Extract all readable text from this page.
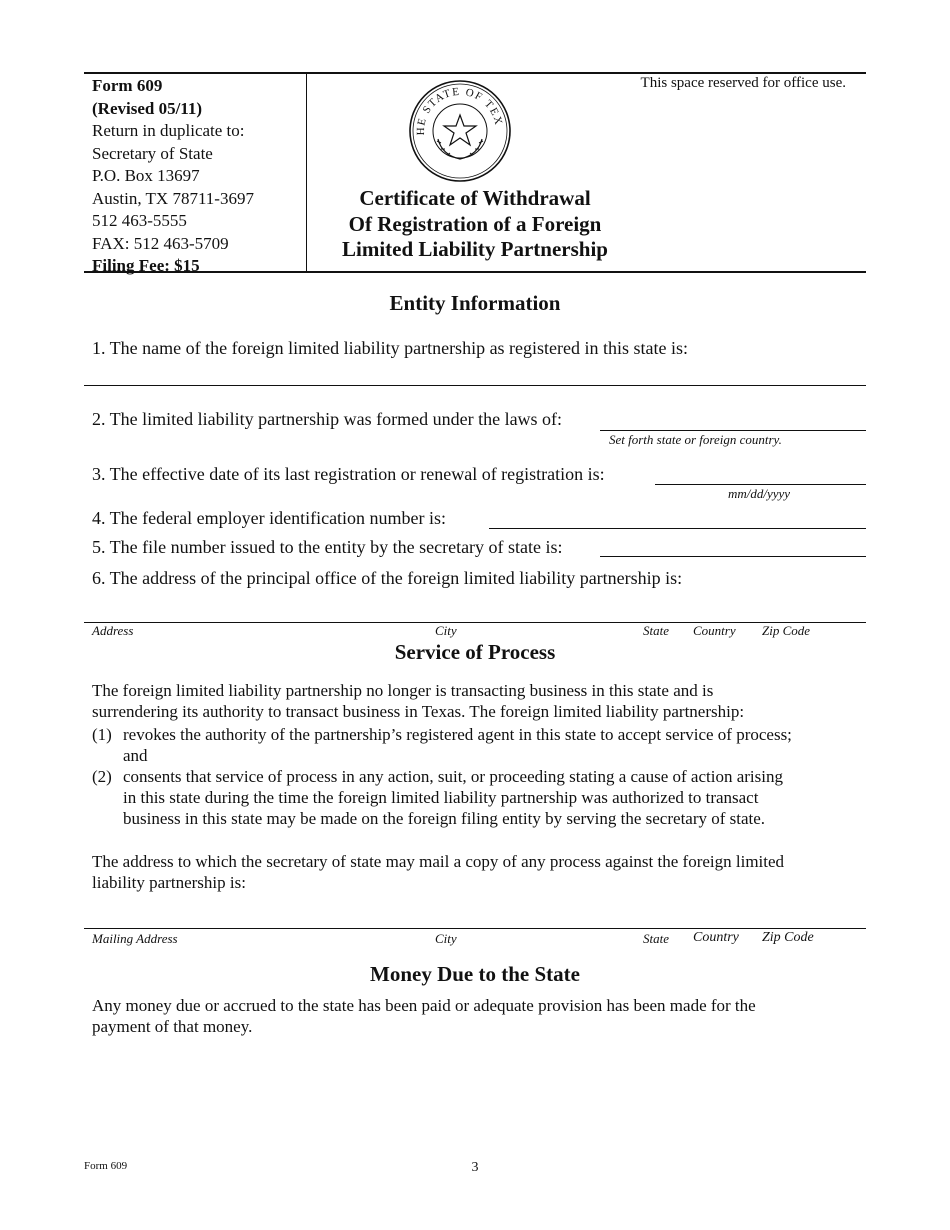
Form 609
(Revised 05/11)
Return in duplicate to:
Secretary of State
P.O. Box 13697
Austin, TX 78711-3697
512 463-5555
FAX: 512 463-5709
Filing Fee: $15
HE STATE OF TEX
Certificate of Withdrawal
Of Registration of a Foreign
Limited Liability Partnership
This space reserved for office use.
Entity Information
1. The name of the foreign limited liability partnership as registered in this state is:
2. The limited liability partnership was formed under the laws of:
Set forth state or foreign country.
3. The effective date of its last registration or renewal of registration is:
mm/dd/yyyy
4. The federal employer identification number is:
5. The file number issued to the entity by the secretary of state is:
6. The address of the principal office of the foreign limited liability partnership is:
Address	City	State Country Zip Code
Service of Process
The foreign limited liability partnership no longer is transacting business in this state and is
surrendering its authority to transact business in Texas. The foreign limited liability partnership:
(1) revokes the authority of the partnership’s registered agent in this state to accept service of process;
and
(2) consents that service of process in any action, suit, or proceeding stating a cause of action arising
in this state during the time the foreign limited liability partnership was authorized to transact
business in this state may be made on the foreign filing entity by serving the secretary of state.
The address to which the secretary of state may mail a copy of any process against the foreign limited
liability partnership is:
Mailing Address	City	State Country Zip Code
Money Due to the State
Any money due or accrued to the state has been paid or adequate provision has been made for the
payment of that money.
Form 609	3
